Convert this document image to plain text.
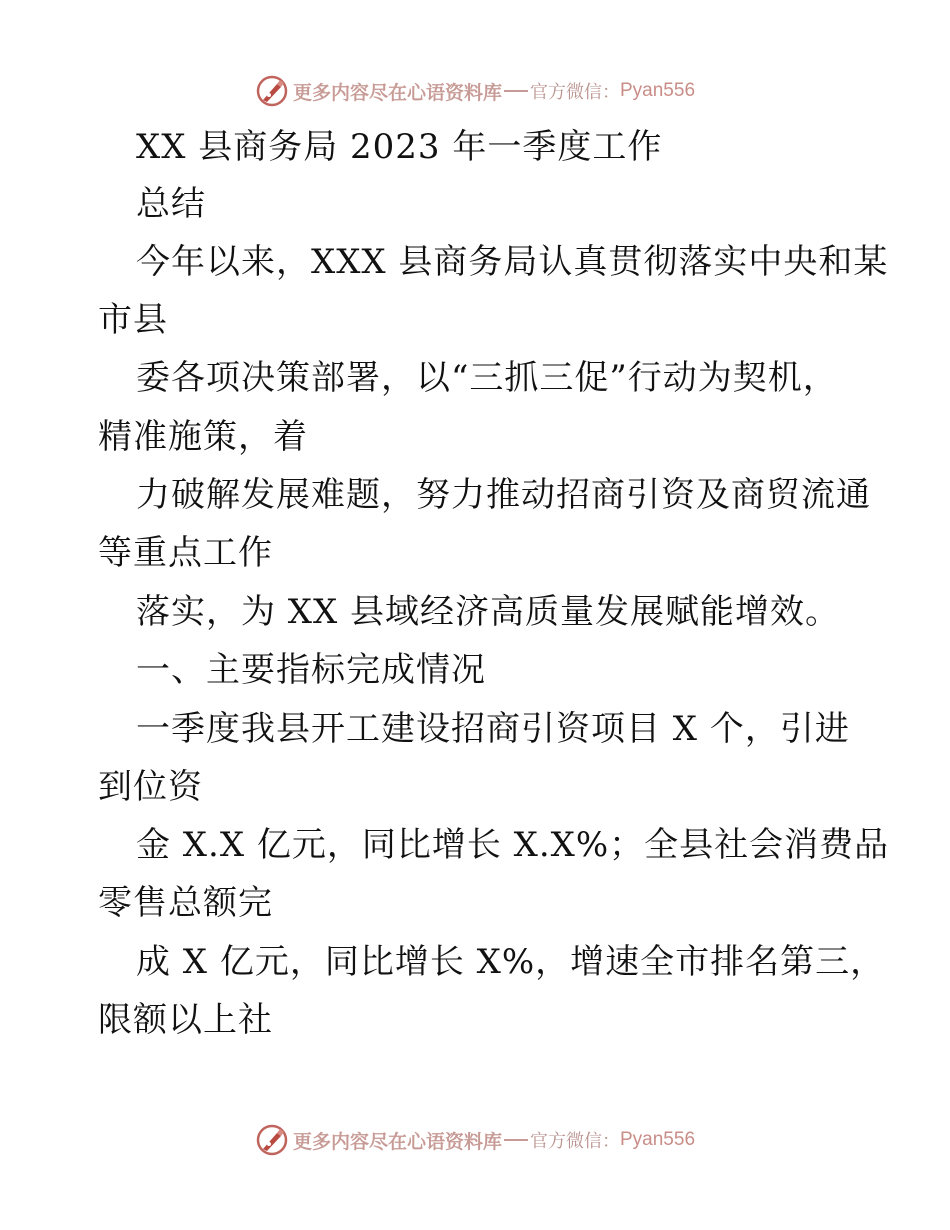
更多内容尽在心语资料库 官方微信： Pyan556
XX 县商务局 2023 年一季度工作
总结
今年以来，XXX 县商务局认真贯彻落实中央和某
市县
委各项决策部署，以“三抓三促”行动为契机，
精准施策，着
力破解发展难题，努力推动招商引资及商贸流通
等重点工作
落实，为 XX 县域经济高质量发展赋能增效。
一、主要指标完成情况
一季度我县开工建设招商引资项目 X 个，引进
到位资
金 X.X 亿元，同比增长 X.X%；全县社会消费品
零售总额完
成 X 亿元，同比增长 X%，增速全市排名第三，
限额以上社
更多内容尽在心语资料库 官方微信： Pyan556
